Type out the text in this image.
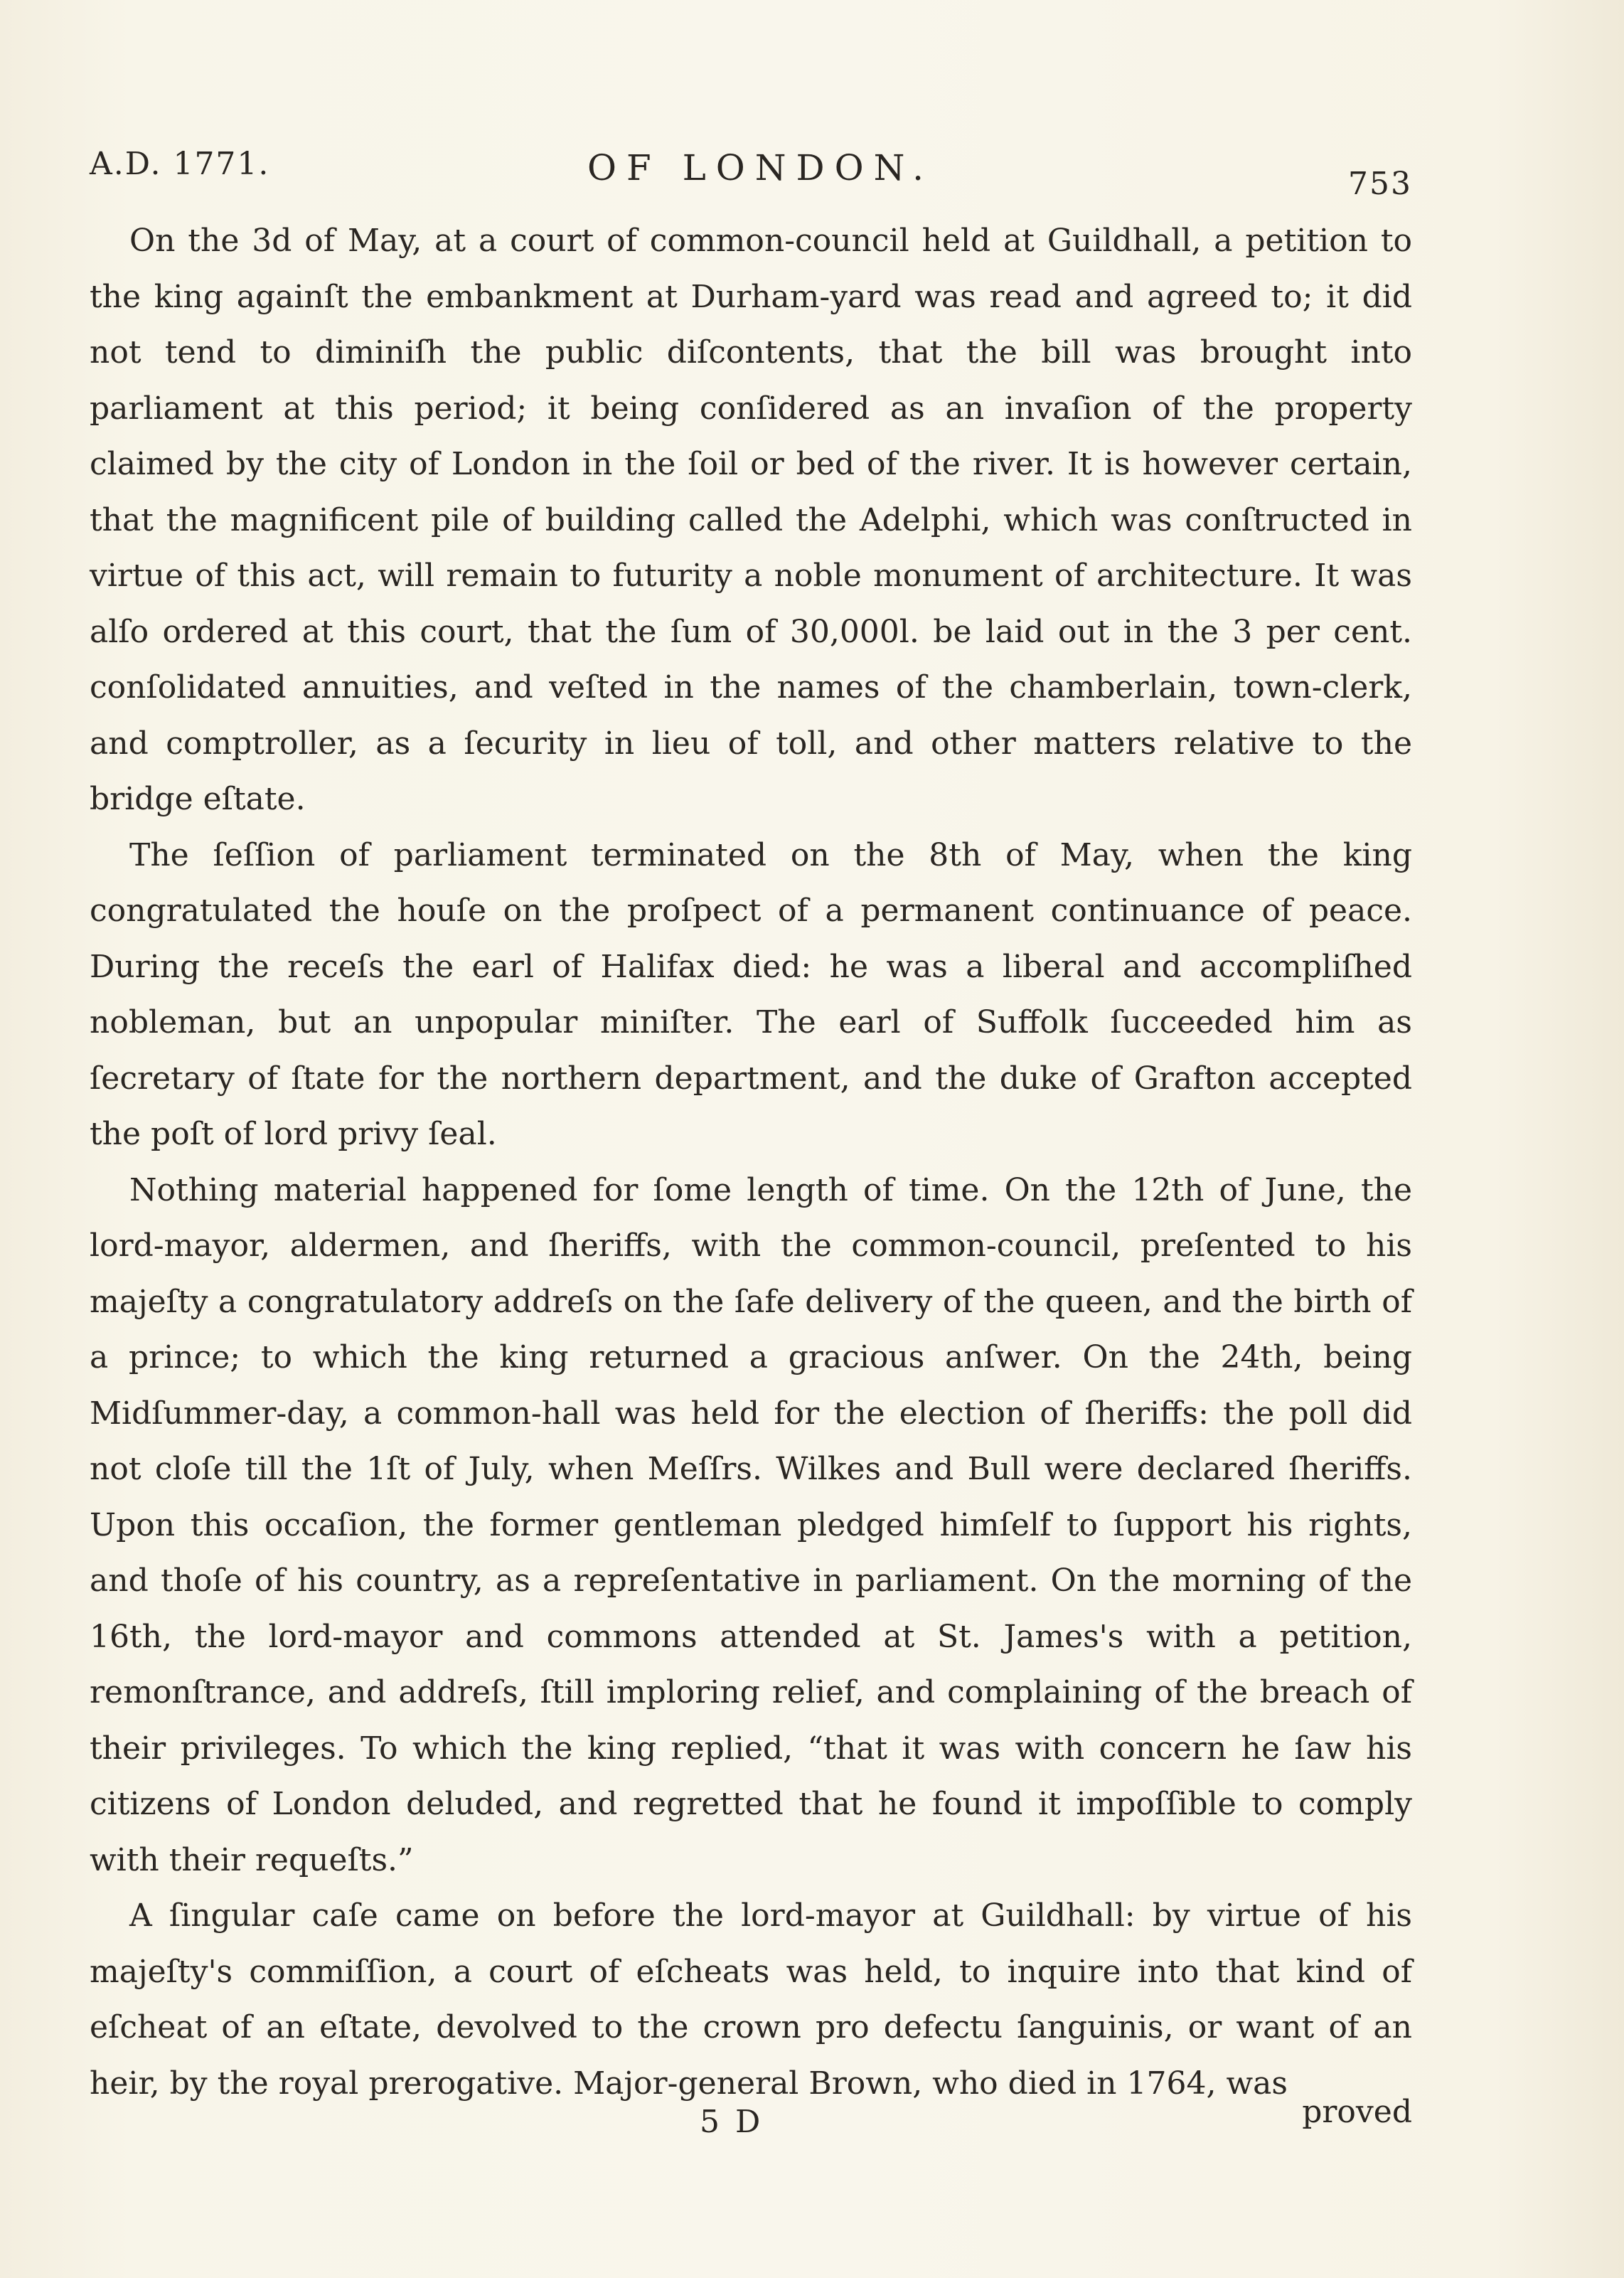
A.D. 1771.	OF LONDON.	753

On the 3d of May, at a court of common-council held at Guildhall, a petition to the king againſt the embankment at Durham-yard was read and agreed to; it did not tend to diminiſh the public diſcontents, that the bill was brought into parliament at this period; it being conſidered as an invaſion of the property claimed by the city of London in the ſoil or bed of the river. It is however certain, that the magnificent pile of building called the Adelphi, which was conſtructed in virtue of this act, will remain to futurity a noble monument of architecture. It was alſo ordered at this court, that the ſum of 30,000l. be laid out in the 3 per cent. conſolidated annuities, and veſted in the names of the chamberlain, town-clerk, and comptroller, as a ſecurity in lieu of toll, and other matters relative to the bridge eſtate.

The ſeſſion of parliament terminated on the 8th of May, when the king congratulated the houſe on the proſpect of a permanent continuance of peace. During the receſs the earl of Halifax died: he was a liberal and accompliſhed nobleman, but an unpopular miniſter. The earl of Suffolk ſucceeded him as ſecretary of ſtate for the northern department, and the duke of Grafton accepted the poſt of lord privy ſeal.

Nothing material happened for ſome length of time. On the 12th of June, the lord-mayor, aldermen, and ſheriffs, with the common-council, preſented to his majeſty a congratulatory addreſs on the ſafe delivery of the queen, and the birth of a prince; to which the king returned a gracious anſwer. On the 24th, being Midſummer-day, a common-hall was held for the election of ſheriffs: the poll did not cloſe till the 1ſt of July, when Meſſrs. Wilkes and Bull were declared ſheriffs. Upon this occaſion, the former gentleman pledged himſelf to ſupport his rights, and thoſe of his country, as a repreſentative in parliament. On the morning of the 16th, the lord-mayor and commons attended at St. James's with a petition, remonſtrance, and addreſs, ſtill imploring relief, and complaining of the breach of their privileges. To which the king replied, “that it was with concern he ſaw his citizens of London deluded, and regretted that he found it impoſſible to comply with their requeſts.”

A ſingular caſe came on before the lord-mayor at Guildhall: by virtue of his majeſty's commiſſion, a court of eſcheats was held, to inquire into that kind of eſcheat of an eſtate, devolved to the crown pro defectu ſanguinis, or want of an heir, by the royal prerogative. Major-general Brown, who died in 1764, was

5 D	proved
